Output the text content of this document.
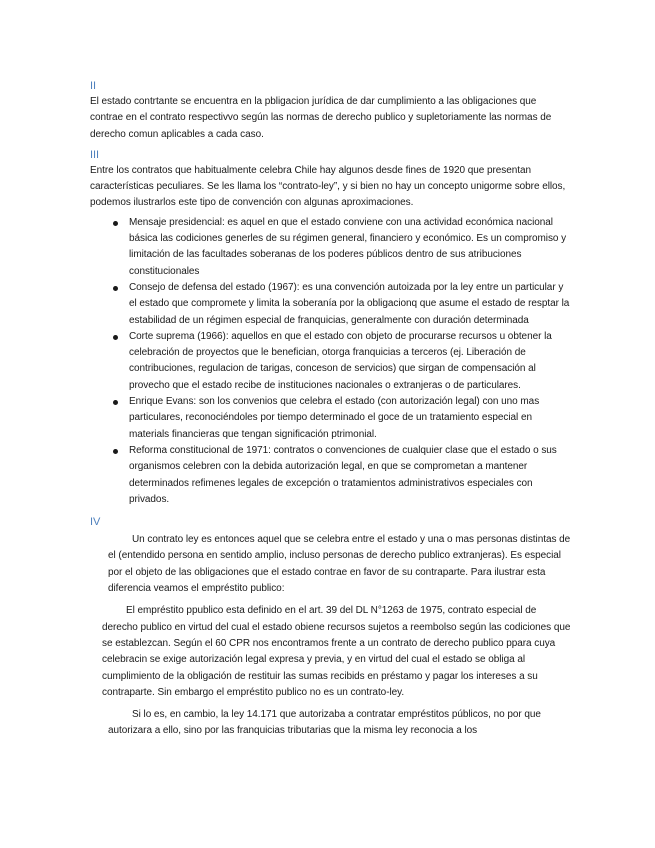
II

El estado contrtante se encuentra en la pbligacion jurídica de dar cumplimiento a las obligaciones que contrae en el contrato respectivvo según las normas de derecho publico y supletoriamente las normas de derecho comun aplicables a cada caso.

III

Entre los contratos que habitualmente celebra Chile hay algunos desde fines de 1920 que presentan características peculiares. Se les llama los “contrato-ley”, y si bien no hay un concepto unigorme sobre ellos, podemos ilustrarlos este tipo de convención con algunas aproximaciones.

Mensaje presidencial: es aquel en que el estado conviene con una actividad económica nacional básica las codiciones generles de su régimen general, financiero y económico. Es un compromiso y limitación de las facultades soberanas de los poderes públicos dentro de sus atribuciones constitucionales
Consejo de defensa del estado (1967): es una convención autoizada por la ley entre un particular y el estado que compromete y limita la soberanía por la obligacionq que asume el estado de resptar la estabilidad de un régimen especial de franquicias, generalmente con duración determinada
Corte suprema (1966): aquellos en que el estado con objeto de procurarse recursos u obtener la celebración de proyectos que le benefician, otorga franquicias a terceros (ej. Liberación de contribuciones, regulacion de tarigas, conceson de servicios) que sirgan de compensación al provecho que el estado recibe de instituciones nacionales o extranjeras o de particulares.
Enrique Evans: son los convenios que celebra el estado (con autorización legal) con uno mas particulares, reconociéndoles por tiempo determinado el goce de un tratamiento especial en materials financieras que tengan significación ptrimonial.
Reforma constitucional de 1971: contratos o convenciones de cualquier clase que el estado o sus organismos celebren con la debida autorización legal, en que se comprometan a mantener determinados refimenes legales de excepción o tratamientos administrativos especiales con privados.

IV

Un contrato ley es entonces aquel que se celebra entre el estado y una o mas personas distintas de el (entendido persona en sentido amplio, incluso personas de derecho publico extranjeras). Es especial por el objeto de las obligaciones que el estado contrae en favor de su contraparte. Para ilustrar esta diferencia veamos el empréstito publico:

El empréstito ppublico esta definido en el art. 39 del DL N°1263 de 1975, contrato especial de derecho publico en virtud del cual el estado obiene recursos sujetos a reembolso según las codiciones que se establezcan. Según el 60 CPR nos encontramos frente a un contrato de derecho publico ppara cuya celebracin se exige autorización legal expresa y previa, y en virtud del cual el estado se obliga al cumplimiento de la obligación de restituir las sumas recibids en préstamo y pagar los intereses a su contraparte. Sin embargo el empréstito publico no es un contrato-ley.

Si lo es, en cambio, la ley 14.171 que autorizaba a contratar empréstitos públicos, no por que autorizara a ello, sino por las franquicias tributarias que la misma ley reconocia a los
